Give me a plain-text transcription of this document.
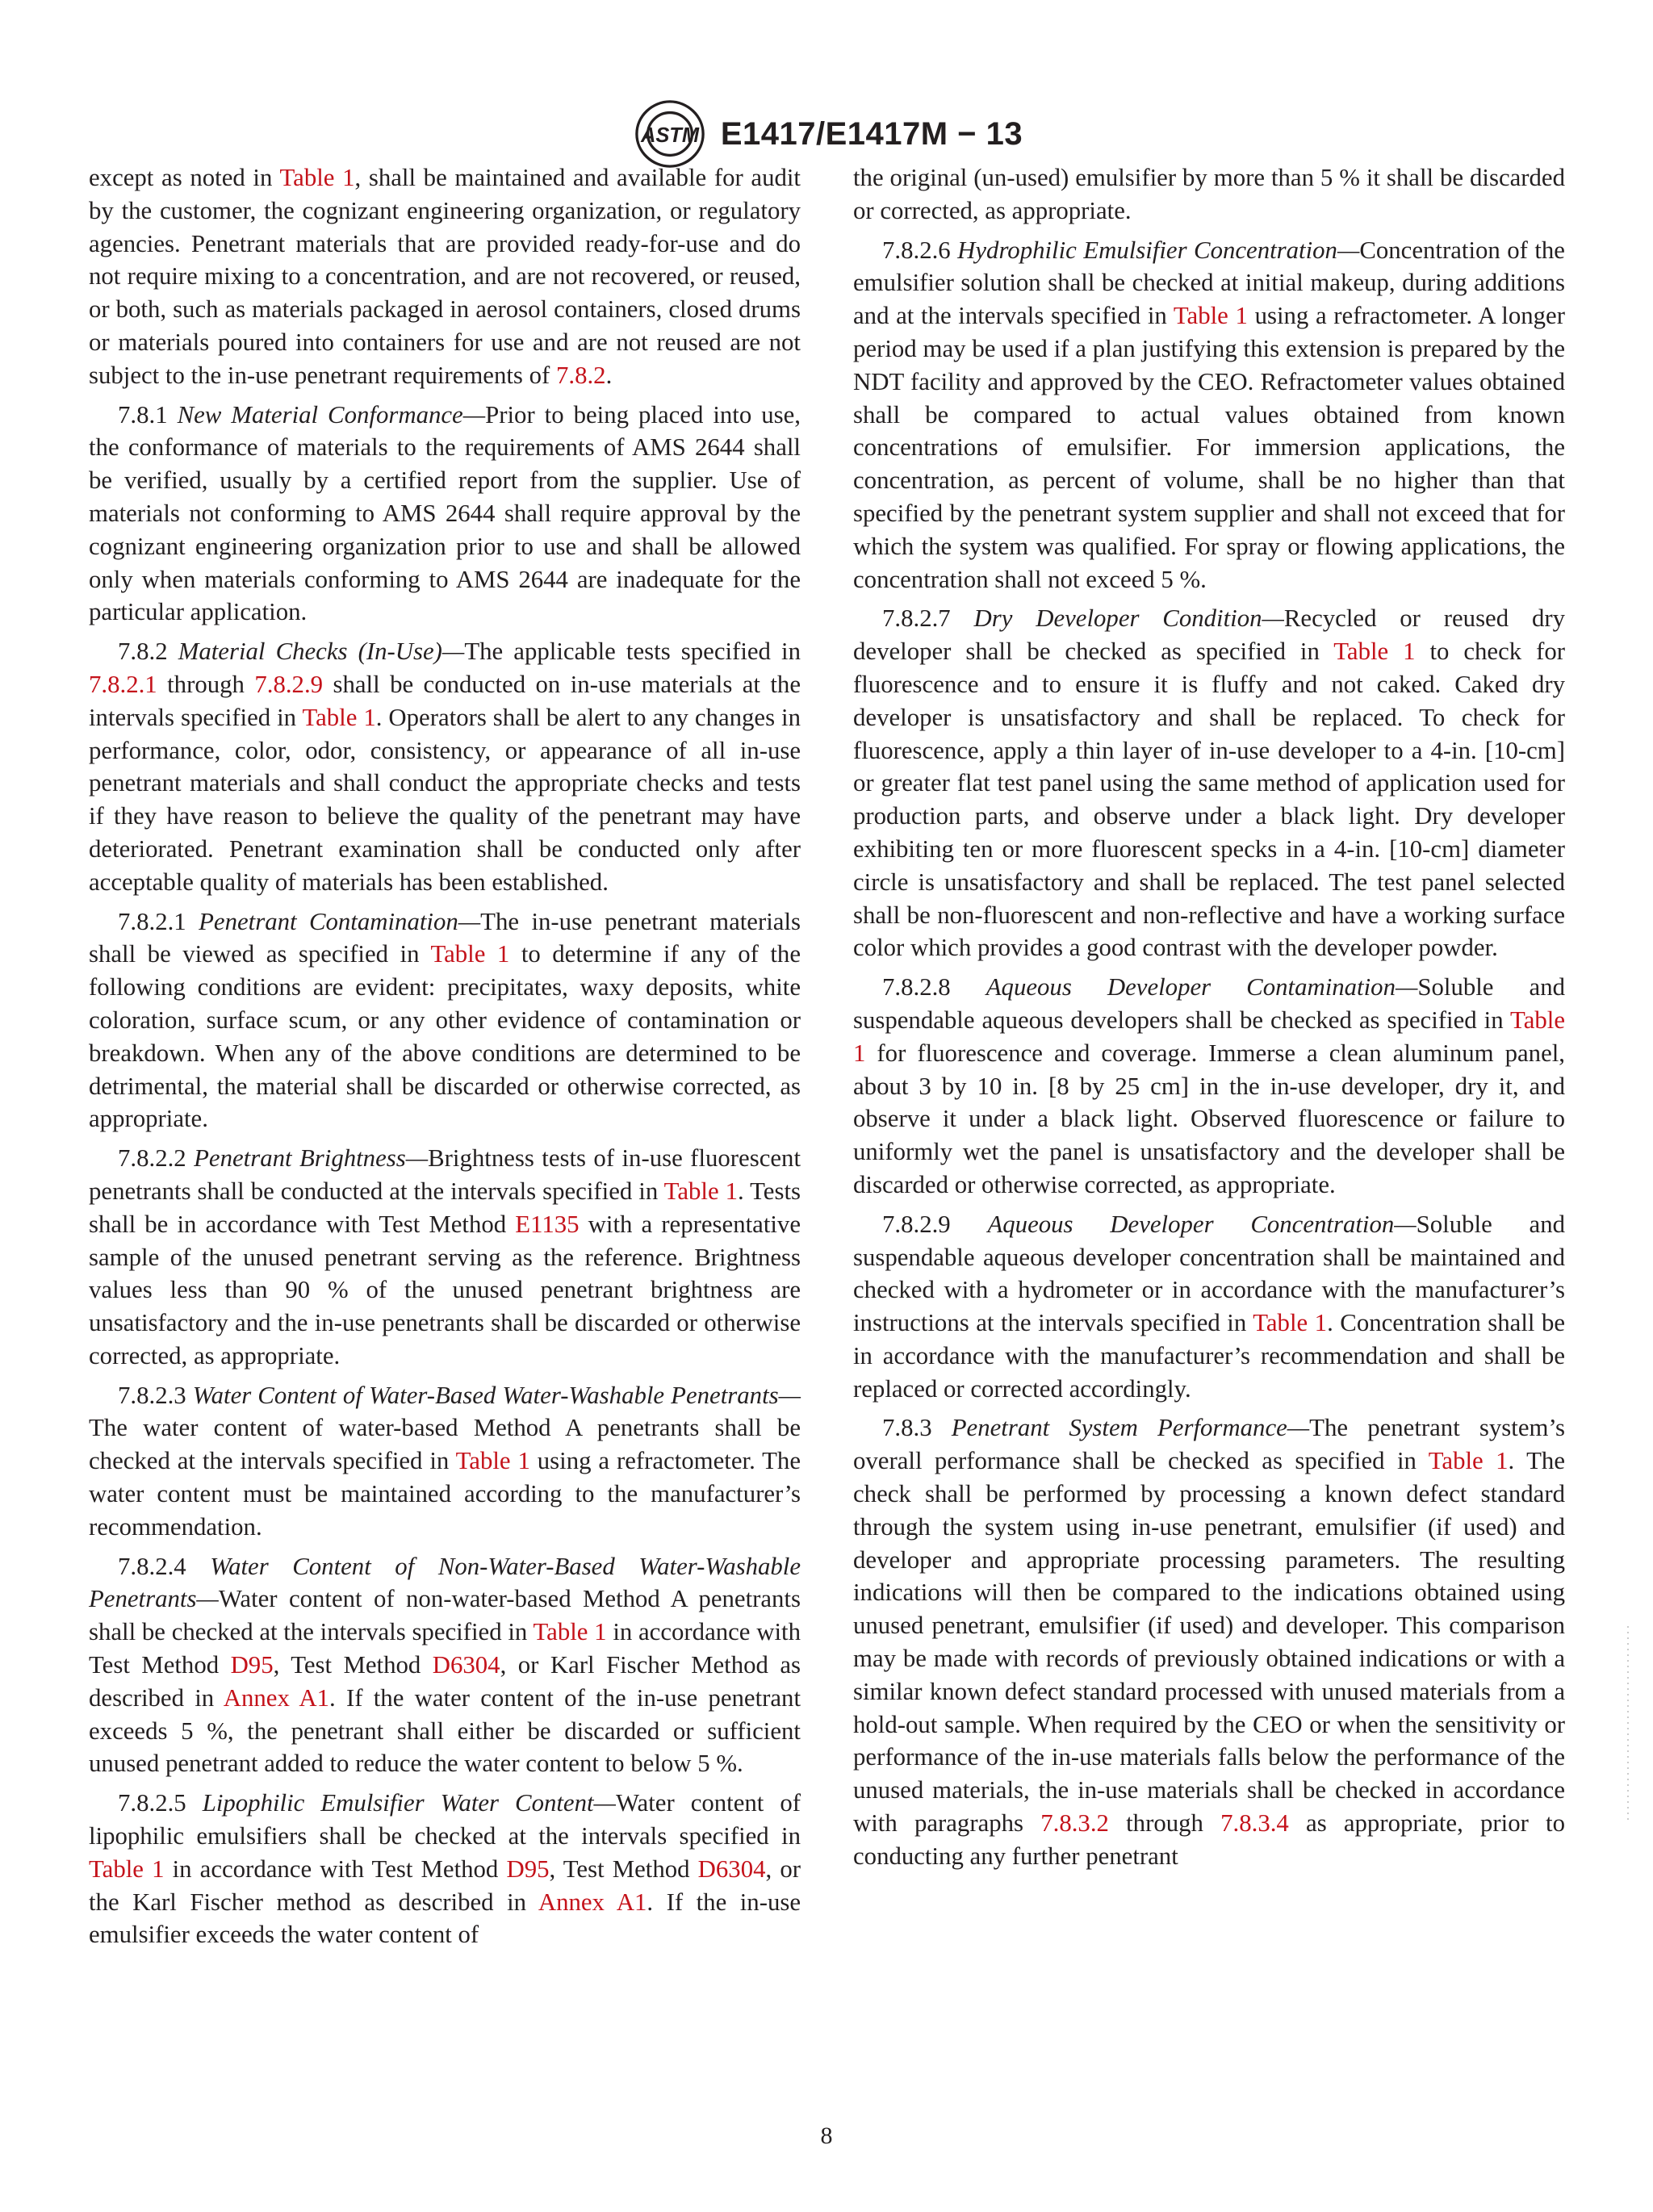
ASTM E1417/E1417M − 13

except as noted in Table 1, shall be maintained and available for audit by the customer, the cognizant engineering organization, or regulatory agencies. Penetrant materials that are provided ready-for-use and do not require mixing to a concentration, and are not recovered, or reused, or both, such as materials packaged in aerosol containers, closed drums or materials poured into containers for use and are not reused are not subject to the in-use penetrant requirements of 7.8.2.

7.8.1 New Material Conformance—Prior to being placed into use, the conformance of materials to the requirements of AMS 2644 shall be verified, usually by a certified report from the supplier. Use of materials not conforming to AMS 2644 shall require approval by the cognizant engineering organization prior to use and shall be allowed only when materials conforming to AMS 2644 are inadequate for the particular application.

7.8.2 Material Checks (In-Use)—The applicable tests specified in 7.8.2.1 through 7.8.2.9 shall be conducted on in-use materials at the intervals specified in Table 1. Operators shall be alert to any changes in performance, color, odor, consistency, or appearance of all in-use penetrant materials and shall conduct the appropriate checks and tests if they have reason to believe the quality of the penetrant may have deteriorated. Penetrant examination shall be conducted only after acceptable quality of materials has been established.

7.8.2.1 Penetrant Contamination—The in-use penetrant materials shall be viewed as specified in Table 1 to determine if any of the following conditions are evident: precipitates, waxy deposits, white coloration, surface scum, or any other evidence of contamination or breakdown. When any of the above conditions are determined to be detrimental, the material shall be discarded or otherwise corrected, as appropriate.

7.8.2.2 Penetrant Brightness—Brightness tests of in-use fluorescent penetrants shall be conducted at the intervals specified in Table 1. Tests shall be in accordance with Test Method E1135 with a representative sample of the unused penetrant serving as the reference. Brightness values less than 90 % of the unused penetrant brightness are unsatisfactory and the in-use penetrants shall be discarded or otherwise corrected, as appropriate.

7.8.2.3 Water Content of Water-Based Water-Washable Penetrants—The water content of water-based Method A penetrants shall be checked at the intervals specified in Table 1 using a refractometer. The water content must be maintained according to the manufacturer’s recommendation.

7.8.2.4 Water Content of Non-Water-Based Water-Washable Penetrants—Water content of non-water-based Method A penetrants shall be checked at the intervals specified in Table 1 in accordance with Test Method D95, Test Method D6304, or Karl Fischer Method as described in Annex A1. If the water content of the in-use penetrant exceeds 5 %, the penetrant shall either be discarded or sufficient unused penetrant added to reduce the water content to below 5 %.

7.8.2.5 Lipophilic Emulsifier Water Content—Water content of lipophilic emulsifiers shall be checked at the intervals specified in Table 1 in accordance with Test Method D95, Test Method D6304, or the Karl Fischer method as described in Annex A1. If the in-use emulsifier exceeds the water content of

the original (un-used) emulsifier by more than 5 % it shall be discarded or corrected, as appropriate.

7.8.2.6 Hydrophilic Emulsifier Concentration—Concentration of the emulsifier solution shall be checked at initial makeup, during additions and at the intervals specified in Table 1 using a refractometer. A longer period may be used if a plan justifying this extension is prepared by the NDT facility and approved by the CEO. Refractometer values obtained shall be compared to actual values obtained from known concentrations of emulsifier. For immersion applications, the concentration, as percent of volume, shall be no higher than that specified by the penetrant system supplier and shall not exceed that for which the system was qualified. For spray or flowing applications, the concentration shall not exceed 5 %.

7.8.2.7 Dry Developer Condition—Recycled or reused dry developer shall be checked as specified in Table 1 to check for fluorescence and to ensure it is fluffy and not caked. Caked dry developer is unsatisfactory and shall be replaced. To check for fluorescence, apply a thin layer of in-use developer to a 4-in. [10-cm] or greater flat test panel using the same method of application used for production parts, and observe under a black light. Dry developer exhibiting ten or more fluorescent specks in a 4-in. [10-cm] diameter circle is unsatisfactory and shall be replaced. The test panel selected shall be non-fluorescent and non-reflective and have a working surface color which provides a good contrast with the developer powder.

7.8.2.8 Aqueous Developer Contamination—Soluble and suspendable aqueous developers shall be checked as specified in Table 1 for fluorescence and coverage. Immerse a clean aluminum panel, about 3 by 10 in. [8 by 25 cm] in the in-use developer, dry it, and observe it under a black light. Observed fluorescence or failure to uniformly wet the panel is unsatisfactory and the developer shall be discarded or otherwise corrected, as appropriate.

7.8.2.9 Aqueous Developer Concentration—Soluble and suspendable aqueous developer concentration shall be maintained and checked with a hydrometer or in accordance with the manufacturer’s instructions at the intervals specified in Table 1. Concentration shall be in accordance with the manufacturer’s recommendation and shall be replaced or corrected accordingly.

7.8.3 Penetrant System Performance—The penetrant system’s overall performance shall be checked as specified in Table 1. The check shall be performed by processing a known defect standard through the system using in-use penetrant, emulsifier (if used) and developer and appropriate processing parameters. The resulting indications will then be compared to the indications obtained using unused penetrant, emulsifier (if used) and developer. This comparison may be made with records of previously obtained indications or with a similar known defect standard processed with unused materials from a hold-out sample. When required by the CEO or when the sensitivity or performance of the in-use materials falls below the performance of the unused materials, the in-use materials shall be checked in accordance with paragraphs 7.8.3.2 through 7.8.3.4 as appropriate, prior to conducting any further penetrant

8
